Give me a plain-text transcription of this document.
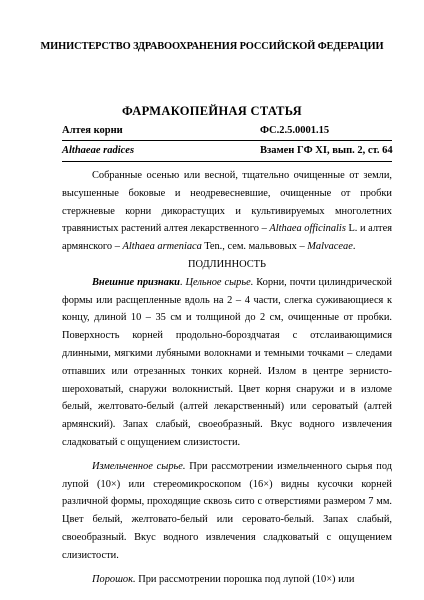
МИНИСТЕРСТВО ЗДРАВООХРАНЕНИЯ РОССИЙСКОЙ ФЕДЕРАЦИИ
ФАРМАКОПЕЙНАЯ СТАТЬЯ
Алтея корни	ФС.2.5.0001.15
Althaeae radices	Взамен ГФ XI, вып. 2, ст. 64

Собранные осенью или весной, тщательно очищенные от земли, высушенные боковые и неодревесневшие, очищенные от пробки стержневые корни дикорастущих и культивируемых многолетних травянистых растений алтея лекарственного – Althaea officinalis L. и алтея армянского – Althaea armeniaca Ten., сем. мальвовых – Malvaceae.

ПОДЛИННОСТЬ

Внешние признаки. Цельное сырье. Корни, почти цилиндрической формы или расщепленные вдоль на 2 – 4 части, слегка суживающиеся к концу, длиной 10 – 35 см и толщиной до 2 см, очищенные от пробки. Поверхность корней продольно-бороздчатая с отслаивающимися длинными, мягкими лубяными волокнами и темными точками – следами отпавших или отрезанных тонких корней. Излом в центре зернисто-шероховатый, снаружи волокнистый. Цвет корня снаружи и в изломе белый, желтовато-белый (алтей лекарственный) или сероватый (алтей армянский). Запах слабый, своеобразный. Вкус водного извлечения сладковатый с ощущением слизистости.

Измельченное сырье. При рассмотрении измельченного сырья под лупой (10×) или стереомикроскопом (16×) видны кусочки корней различной формы, проходящие сквозь сито с отверстиями размером 7 мм. Цвет белый, желтовато-белый или серовато-белый. Запах слабый, своеобразный. Вкус водного извлечения сладковатый с ощущением слизистости.

Порошок. При рассмотрении порошка под лупой (10×) или
